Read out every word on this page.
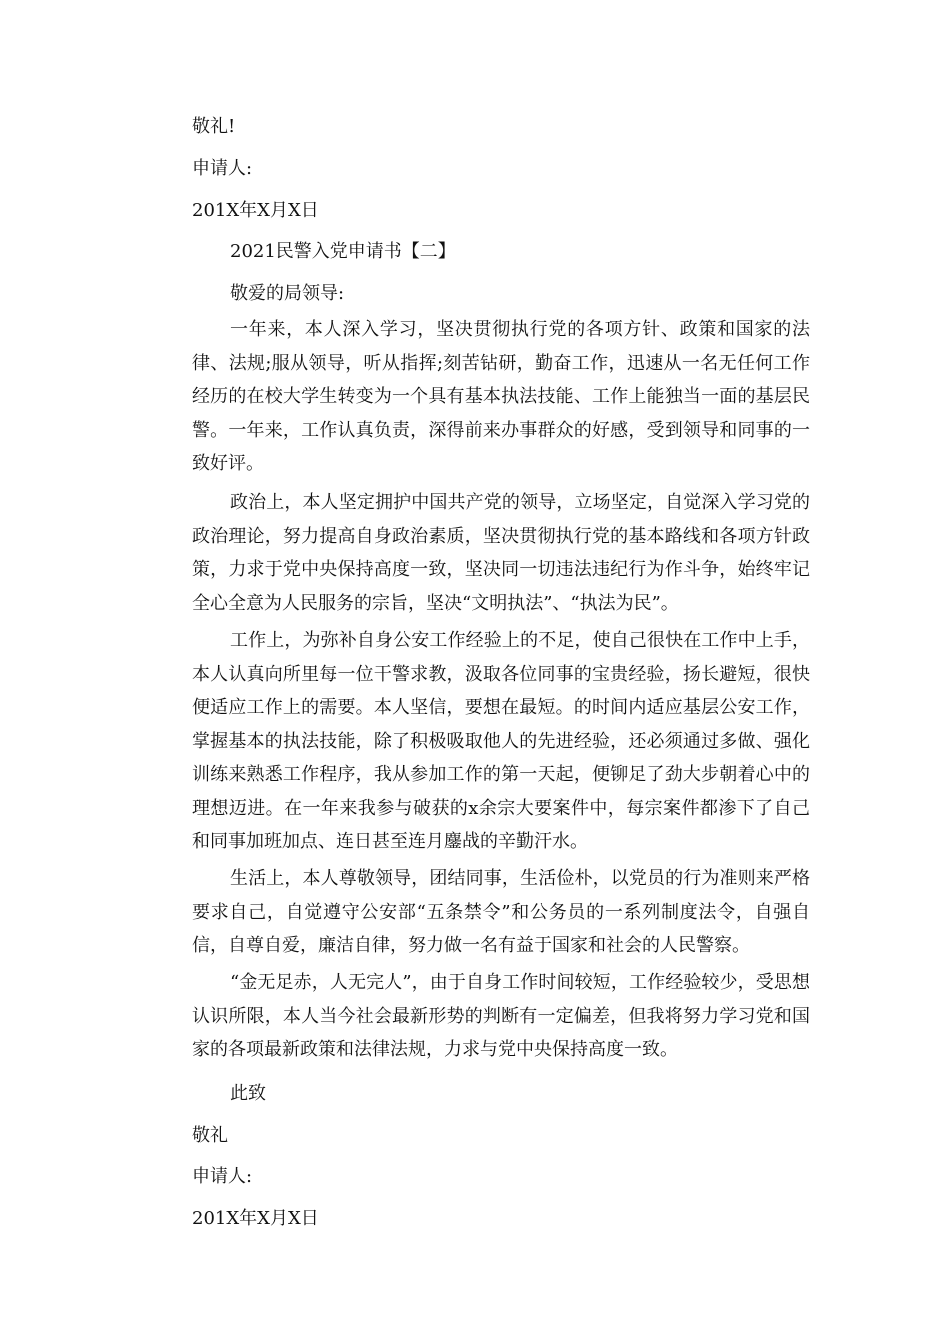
敬礼!

申请人:

201X年X月X日

2021民警入党申请书【二】

敬爱的局领导:

一年来，本人深入学习，坚决贯彻执行党的各项方针、政策和国家的法律、法规;服从领导，听从指挥;刻苦钻研，勤奋工作，迅速从一名无任何工作经历的在校大学生转变为一个具有基本执法技能、工作上能独当一面的基层民警。一年来，工作认真负责，深得前来办事群众的好感，受到领导和同事的一致好评。

政治上，本人坚定拥护中国共产党的领导，立场坚定，自觉深入学习党的政治理论，努力提高自身政治素质，坚决贯彻执行党的基本路线和各项方针政策，力求于党中央保持高度一致，坚决同一切违法违纪行为作斗争，始终牢记全心全意为人民服务的宗旨，坚决“文明执法”、“执法为民”。

工作上，为弥补自身公安工作经验上的不足，使自己很快在工作中上手，本人认真向所里每一位干警求教，汲取各位同事的宝贵经验，扬长避短，很快便适应工作上的需要。本人坚信，要想在最短。的时间内适应基层公安工作，掌握基本的执法技能，除了积极吸取他人的先进经验，还必须通过多做、强化训练来熟悉工作程序，我从参加工作的第一天起，便铆足了劲大步朝着心中的理想迈进。在一年来我参与破获的x余宗大要案件中，每宗案件都渗下了自己和同事加班加点、连日甚至连月鏖战的辛勤汗水。

生活上，本人尊敬领导，团结同事，生活俭朴，以党员的行为准则来严格要求自己，自觉遵守公安部“五条禁令”和公务员的一系列制度法令，自强自信，自尊自爱，廉洁自律，努力做一名有益于国家和社会的人民警察。

“金无足赤，人无完人”，由于自身工作时间较短，工作经验较少，受思想认识所限，本人当今社会最新形势的判断有一定偏差，但我将努力学习党和国家的各项最新政策和法律法规，力求与党中央保持高度一致。

此致

敬礼

申请人:

201X年X月X日
